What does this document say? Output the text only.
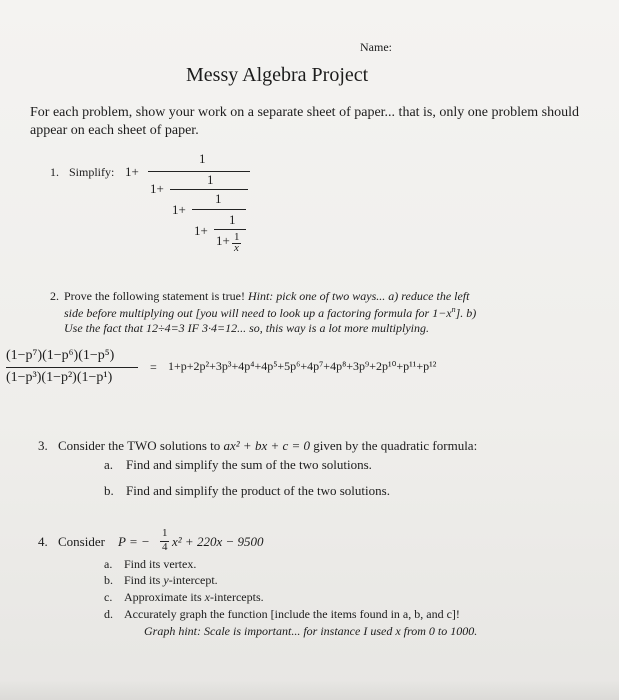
Name:
Messy Algebra Project
For each problem, show your work on a separate sheet of paper... that is, only one problem should appear on each sheet of paper.
1. Simplify: 1+
1
1+
1
1+
1
1+
1
1+ 1
x
2. Prove the following statement is true! Hint: pick one of two ways... a) reduce the left
side before multiplying out [you will need to look up a factoring formula for $1-x^n$]. b)
Use the fact that 12÷4=3 IF 3·4=12... so, this way is a lot more multiplying.
(1−p⁷)(1−p⁶)(1−p⁵)
(1−p³)(1−p²)(1−p¹)
= 1+p+2p²+3p³+4p⁴+4p⁵+5p⁶+4p⁷+4p⁸+3p⁹+2p¹⁰+p¹¹+p¹²
3. Consider the TWO solutions to ax² + bx + c = 0 given by the quadratic formula:
a. Find and simplify the sum of the two solutions.
b. Find and simplify the product of the two solutions.
4. Consider P = −
1
4 x² + 220x − 9500
a. Find its vertex.
b. Find its y-intercept.
c. Approximate its x-intercepts.
d. Accurately graph the function [include the items found in a, b, and c]!
Graph hint: Scale is important... for instance I used x from 0 to 1000.
